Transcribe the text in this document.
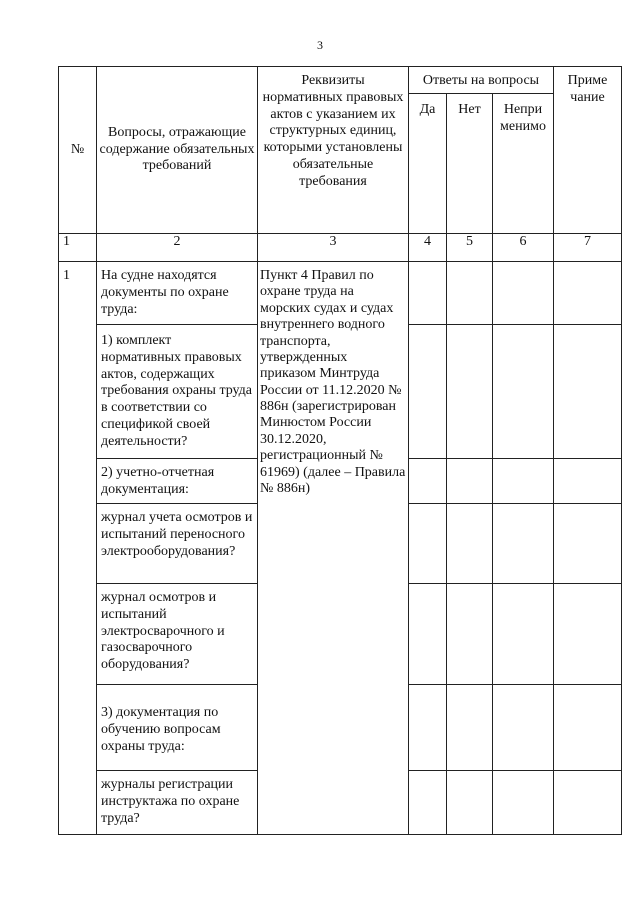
3
№	Вопросы, отражающие содержание обязательных требований	Реквизиты нормативных правовых актов с указанием их структурных единиц, которыми установлены обязательные требования	Ответы на вопросы			Приме чание
			Да	Нет	Непри менимо	
1	2	3	4	5	6	7
1	На судне находятся документы по охране труда:	Пункт 4 Правил по охране труда на морских судах и судах внутреннего водного транспорта, утвержденных приказом Минтруда России от 11.12.2020 № 886н (зарегистрирован Минюстом России 30.12.2020, регистрационный № 61969) (далее – Правила № 886н)				
	1) комплект нормативных правовых актов, содержащих требования охраны труда в соответствии со спецификой своей деятельности?					
	2) учетно-отчетная документация:					
	журнал учета осмотров и испытаний переносного электрооборудования?					
	журнал осмотров и испытаний электросварочного и газосварочного оборудования?					
	3) документация по обучению вопросам охраны труда:					
	журналы регистрации инструктажа по охране труда?					
